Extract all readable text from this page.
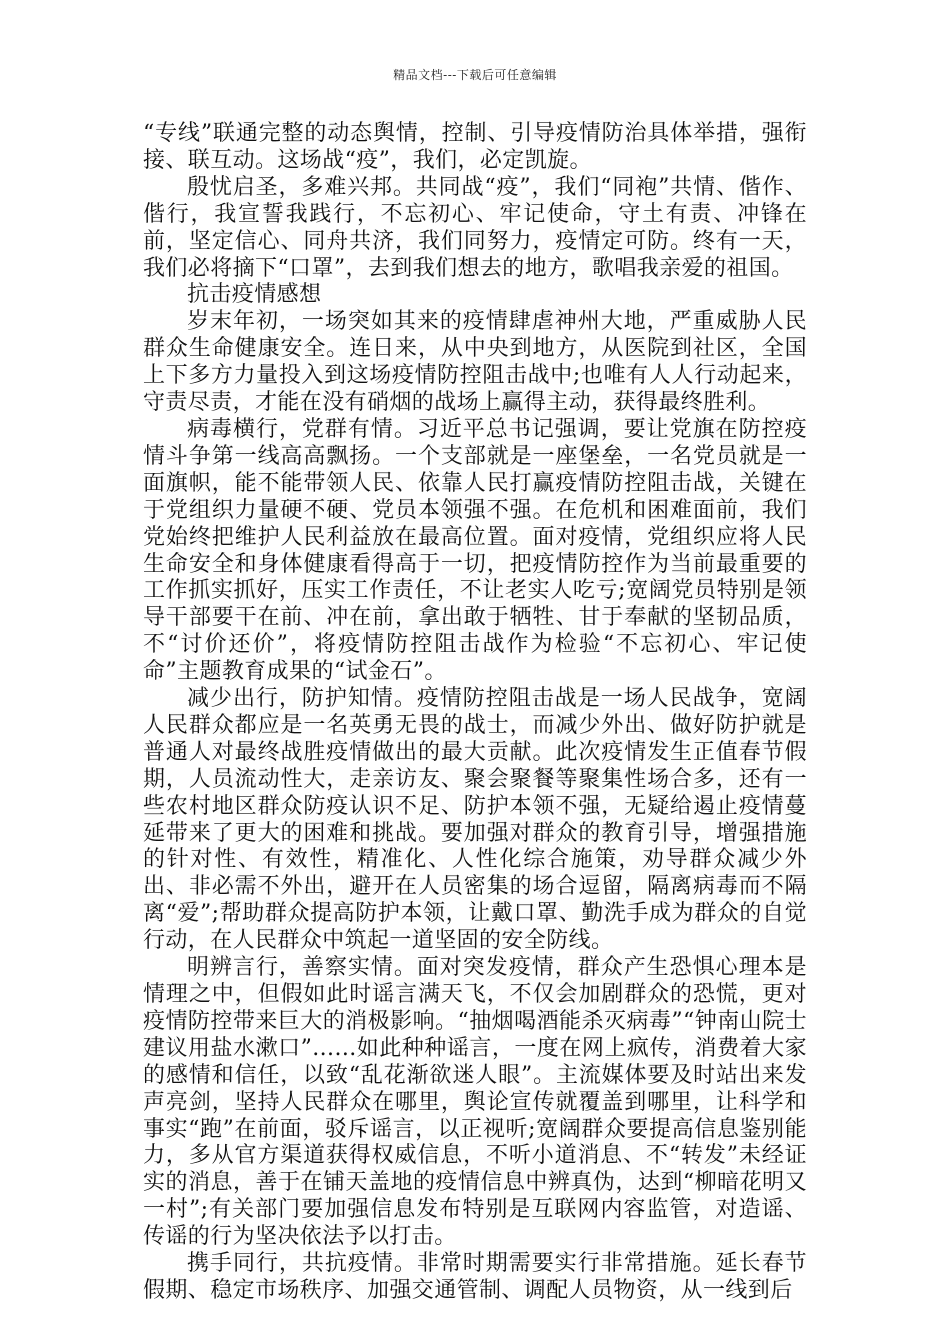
精品文档---下载后可任意编辑

“专线”联通完整的动态舆情，控制、引导疫情防治具体举措，强衔接、联互动。这场战“疫”，我们，必定凯旋。

殷忧启圣，多难兴邦。共同战“疫”，我们“同袍”共情、偕作、偕行，我宣誓我践行，不忘初心、牢记使命，守土有责、冲锋在前，坚定信心、同舟共济，我们同努力，疫情定可防。终有一天，我们必将摘下“口罩”，去到我们想去的地方，歌唱我亲爱的祖国。

抗击疫情感想

岁末年初，一场突如其来的疫情肆虐神州大地，严重威胁人民群众生命健康安全。连日来，从中央到地方，从医院到社区，全国上下多方力量投入到这场疫情防控阻击战中;也唯有人人行动起来，守责尽责，才能在没有硝烟的战场上赢得主动，获得最终胜利。

病毒横行，党群有情。习近平总书记强调，要让党旗在防控疫情斗争第一线高高飘扬。一个支部就是一座堡垒，一名党员就是一面旗帜，能不能带领人民、依靠人民打赢疫情防控阻击战，关键在于党组织力量硬不硬、党员本领强不强。在危机和困难面前，我们党始终把维护人民利益放在最高位置。面对疫情，党组织应将人民生命安全和身体健康看得高于一切，把疫情防控作为当前最重要的工作抓实抓好，压实工作责任，不让老实人吃亏;宽阔党员特别是领导干部要干在前、冲在前，拿出敢于牺牲、甘于奉献的坚韧品质，不“讨价还价”，将疫情防控阻击战作为检验“不忘初心、牢记使命”主题教育成果的“试金石”。

减少出行，防护知情。疫情防控阻击战是一场人民战争，宽阔人民群众都应是一名英勇无畏的战士，而减少外出、做好防护就是普通人对最终战胜疫情做出的最大贡献。此次疫情发生正值春节假期，人员流动性大，走亲访友、聚会聚餐等聚集性场合多，还有一些农村地区群众防疫认识不足、防护本领不强，无疑给遏止疫情蔓延带来了更大的困难和挑战。要加强对群众的教育引导，增强措施的针对性、有效性，精准化、人性化综合施策，劝导群众减少外出、非必需不外出，避开在人员密集的场合逗留，隔离病毒而不隔离“爱”;帮助群众提高防护本领，让戴口罩、勤洗手成为群众的自觉行动，在人民群众中筑起一道坚固的安全防线。

明辨言行，善察实情。面对突发疫情，群众产生恐惧心理本是情理之中，但假如此时谣言满天飞，不仅会加剧群众的恐慌，更对疫情防控带来巨大的消极影响。“抽烟喝酒能杀灭病毒”“钟南山院士建议用盐水漱口”......如此种种谣言，一度在网上疯传，消费着大家的感情和信任，以致“乱花渐欲迷人眼”。主流媒体要及时站出来发声亮剑，坚持人民群众在哪里，舆论宣传就覆盖到哪里，让科学和事实“跑”在前面，驳斥谣言，以正视听;宽阔群众要提高信息鉴别能力，多从官方渠道获得权威信息，不听小道消息、不“转发”未经证实的消息，善于在铺天盖地的疫情信息中辨真伪，达到“柳暗花明又一村”;有关部门要加强信息发布特别是互联网内容监管，对造谣、传谣的行为坚决依法予以打击。

携手同行，共抗疫情。非常时期需要实行非常措施。延长春节假期、稳定市场秩序、加强交通管制、调配人员物资，从一线到后
